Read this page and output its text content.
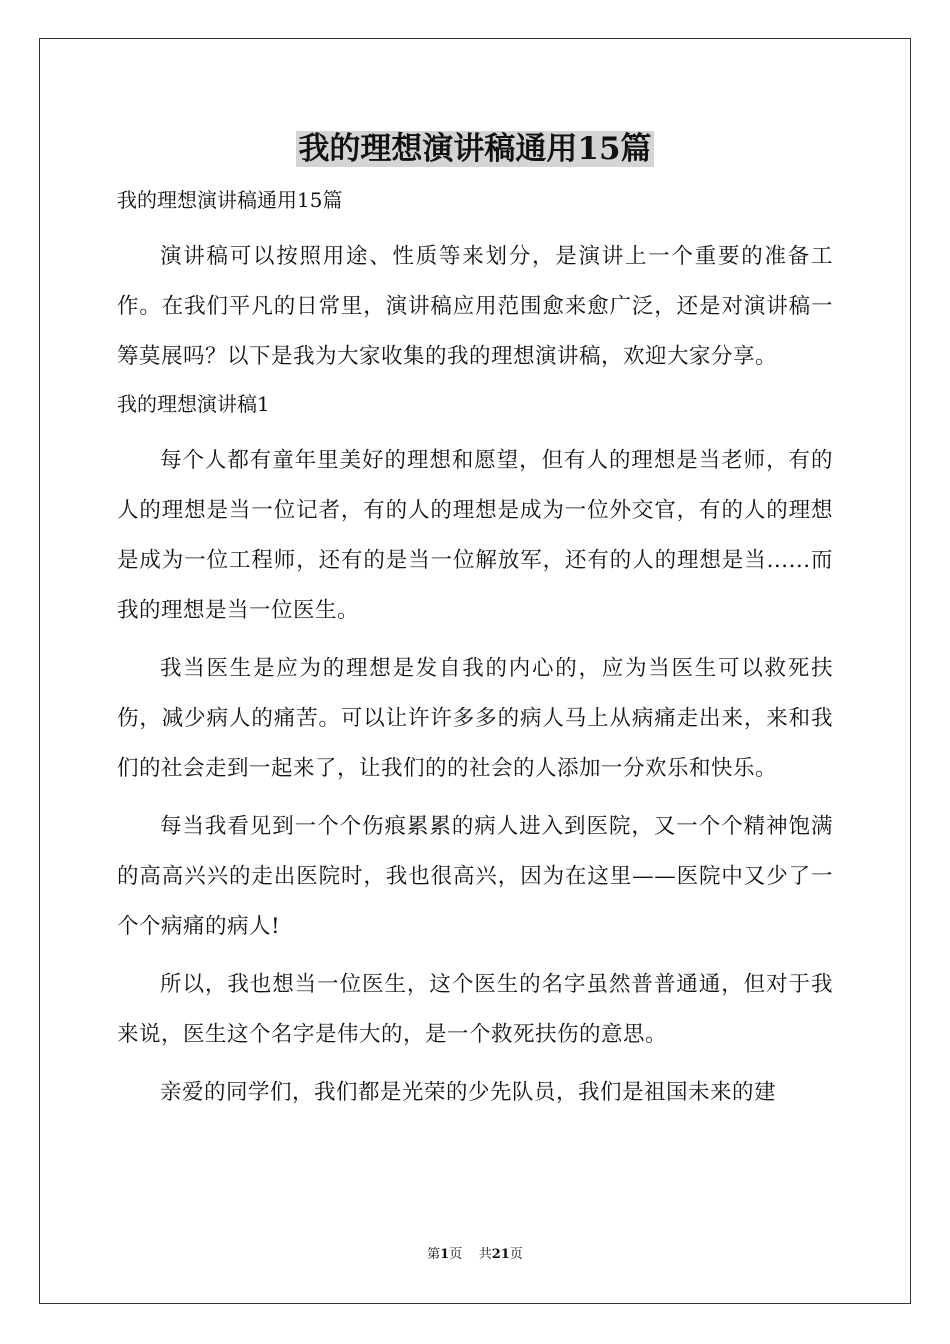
我的理想演讲稿通用15篇

我的理想演讲稿通用15篇

演讲稿可以按照用途、性质等来划分，是演讲上一个重要的准备工作。在我们平凡的日常里，演讲稿应用范围愈来愈广泛，还是对演讲稿一筹莫展吗？以下是我为大家收集的我的理想演讲稿，欢迎大家分享。

我的理想演讲稿1

每个人都有童年里美好的理想和愿望，但有人的理想是当老师，有的人的理想是当一位记者，有的人的理想是成为一位外交官，有的人的理想是成为一位工程师，还有的是当一位解放军，还有的人的理想是当......而我的理想是当一位医生。

我当医生是应为的理想是发自我的内心的，应为当医生可以救死扶伤，减少病人的痛苦。可以让许许多多的病人马上从病痛走出来，来和我们的社会走到一起来了，让我们的的社会的人添加一分欢乐和快乐。

每当我看见到一个个伤痕累累的病人进入到医院，又一个个精神饱满的高高兴兴的走出医院时，我也很高兴，因为在这里——医院中又少了一个个病痛的病人!

所以，我也想当一位医生，这个医生的名字虽然普普通通，但对于我来说，医生这个名字是伟大的，是一个救死扶伤的意思。

亲爱的同学们，我们都是光荣的少先队员，我们是祖国未来的建

第1页 共21页
